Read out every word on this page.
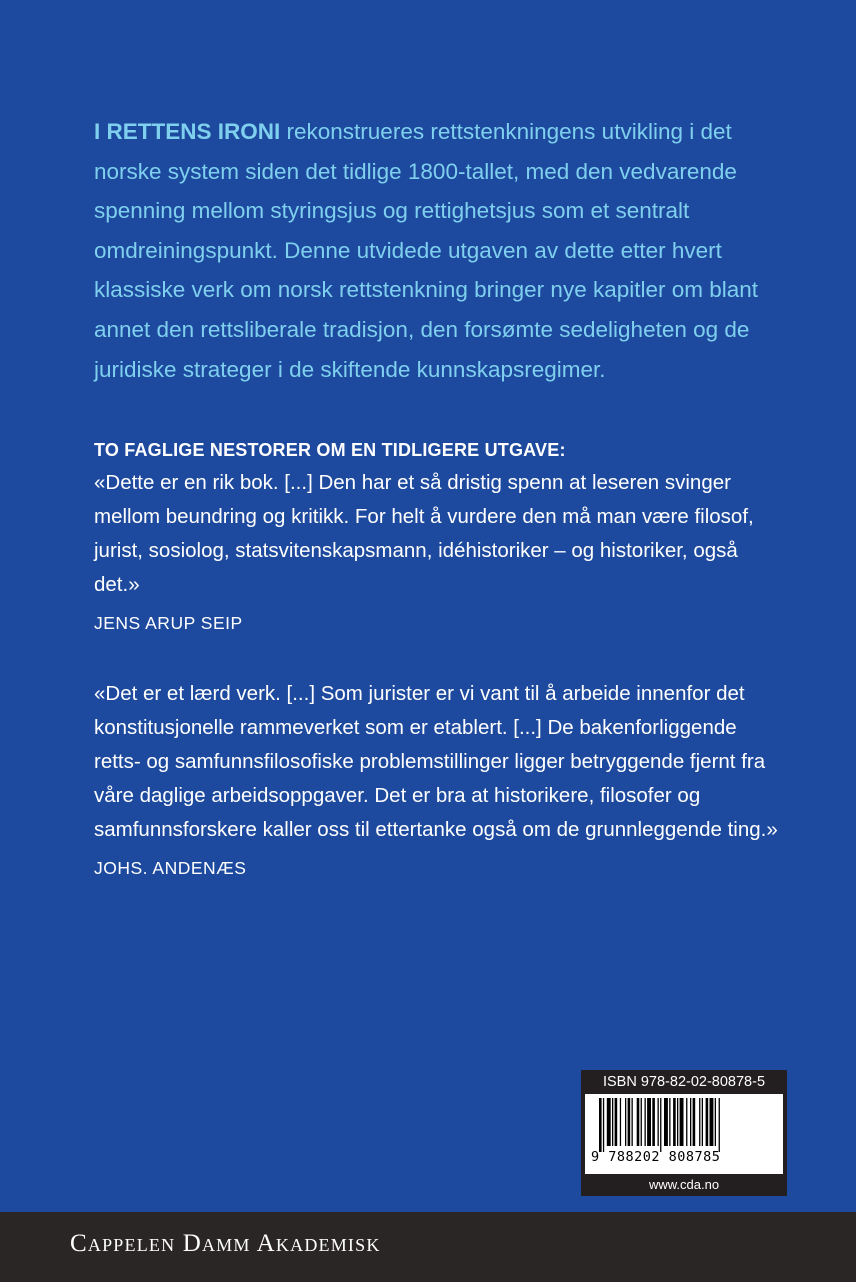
I RETTENS IRONI rekonstrueres rettstenkningens utvikling i det norske system siden det tidlige 1800-tallet, med den vedvarende spenning mellom styringsjus og rettighetsjus som et sentralt omdreiningspunkt. Denne utvidede utgaven av dette etter hvert klassiske verk om norsk rettstenkning bringer nye kapitler om blant annet den rettsliberale tradisjon, den forsømte sedeligheten og de juridiske strateger i de skiftende kunnskapsregimer.

TO FAGLIGE NESTORER OM EN TIDLIGERE UTGAVE:

«Dette er en rik bok. [...] Den har et så dristig spenn at leseren svinger mellom beundring og kritikk. For helt å vurdere den må man være filosof, jurist, sosiolog, statsvitenskapsmann, idéhistoriker – og historiker, også det.»

JENS ARUP SEIP

«Det er et lærd verk. [...] Som jurister er vi vant til å arbeide innenfor det konstitusjonelle rammeverket som er etablert. [...] De bakenforliggende retts- og samfunnsfilosofiske problemstillinger ligger betryggende fjernt fra våre daglige arbeidsoppgaver. Det er bra at historikere, filosofer og samfunnsforskere kaller oss til ettertanke også om de grunnleggende ting.»

JOHS. ANDENÆS
ISBN 978-82-02-80878-5
9 788202 808785
www.cda.no
Cappelen Damm Akademisk
